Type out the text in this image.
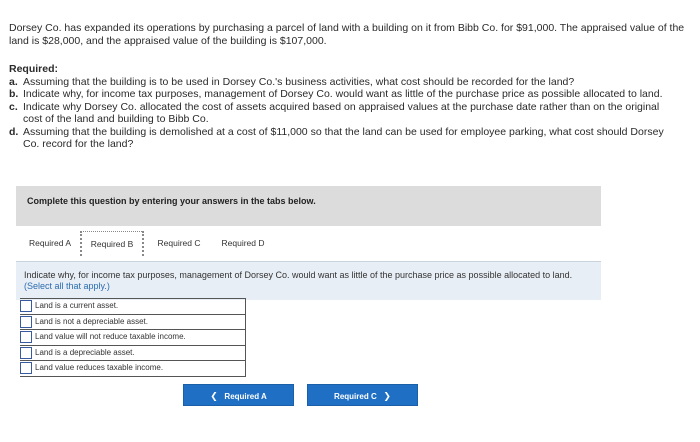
Dorsey Co. has expanded its operations by purchasing a parcel of land with a building on it from Bibb Co. for $91,000. The appraised value of the land is $28,000, and the appraised value of the building is $107,000.
Required:
a. Assuming that the building is to be used in Dorsey Co.'s business activities, what cost should be recorded for the land?
b. Indicate why, for income tax purposes, management of Dorsey Co. would want as little of the purchase price as possible allocated to land.
c. Indicate why Dorsey Co. allocated the cost of assets acquired based on appraised values at the purchase date rather than on the original cost of the land and building to Bibb Co.
d. Assuming that the building is demolished at a cost of $11,000 so that the land can be used for employee parking, what cost should Dorsey Co. record for the land?
Complete this question by entering your answers in the tabs below.
Required A	Required B	Required C	Required D
Indicate why, for income tax purposes, management of Dorsey Co. would want as little of the purchase price as possible allocated to land. (Select all that apply.)
Land is a current asset.
Land is not a depreciable asset.
Land value will not reduce taxable income.
Land is a depreciable asset.
Land value reduces taxable income.
❮ Required A	Required C ❯
